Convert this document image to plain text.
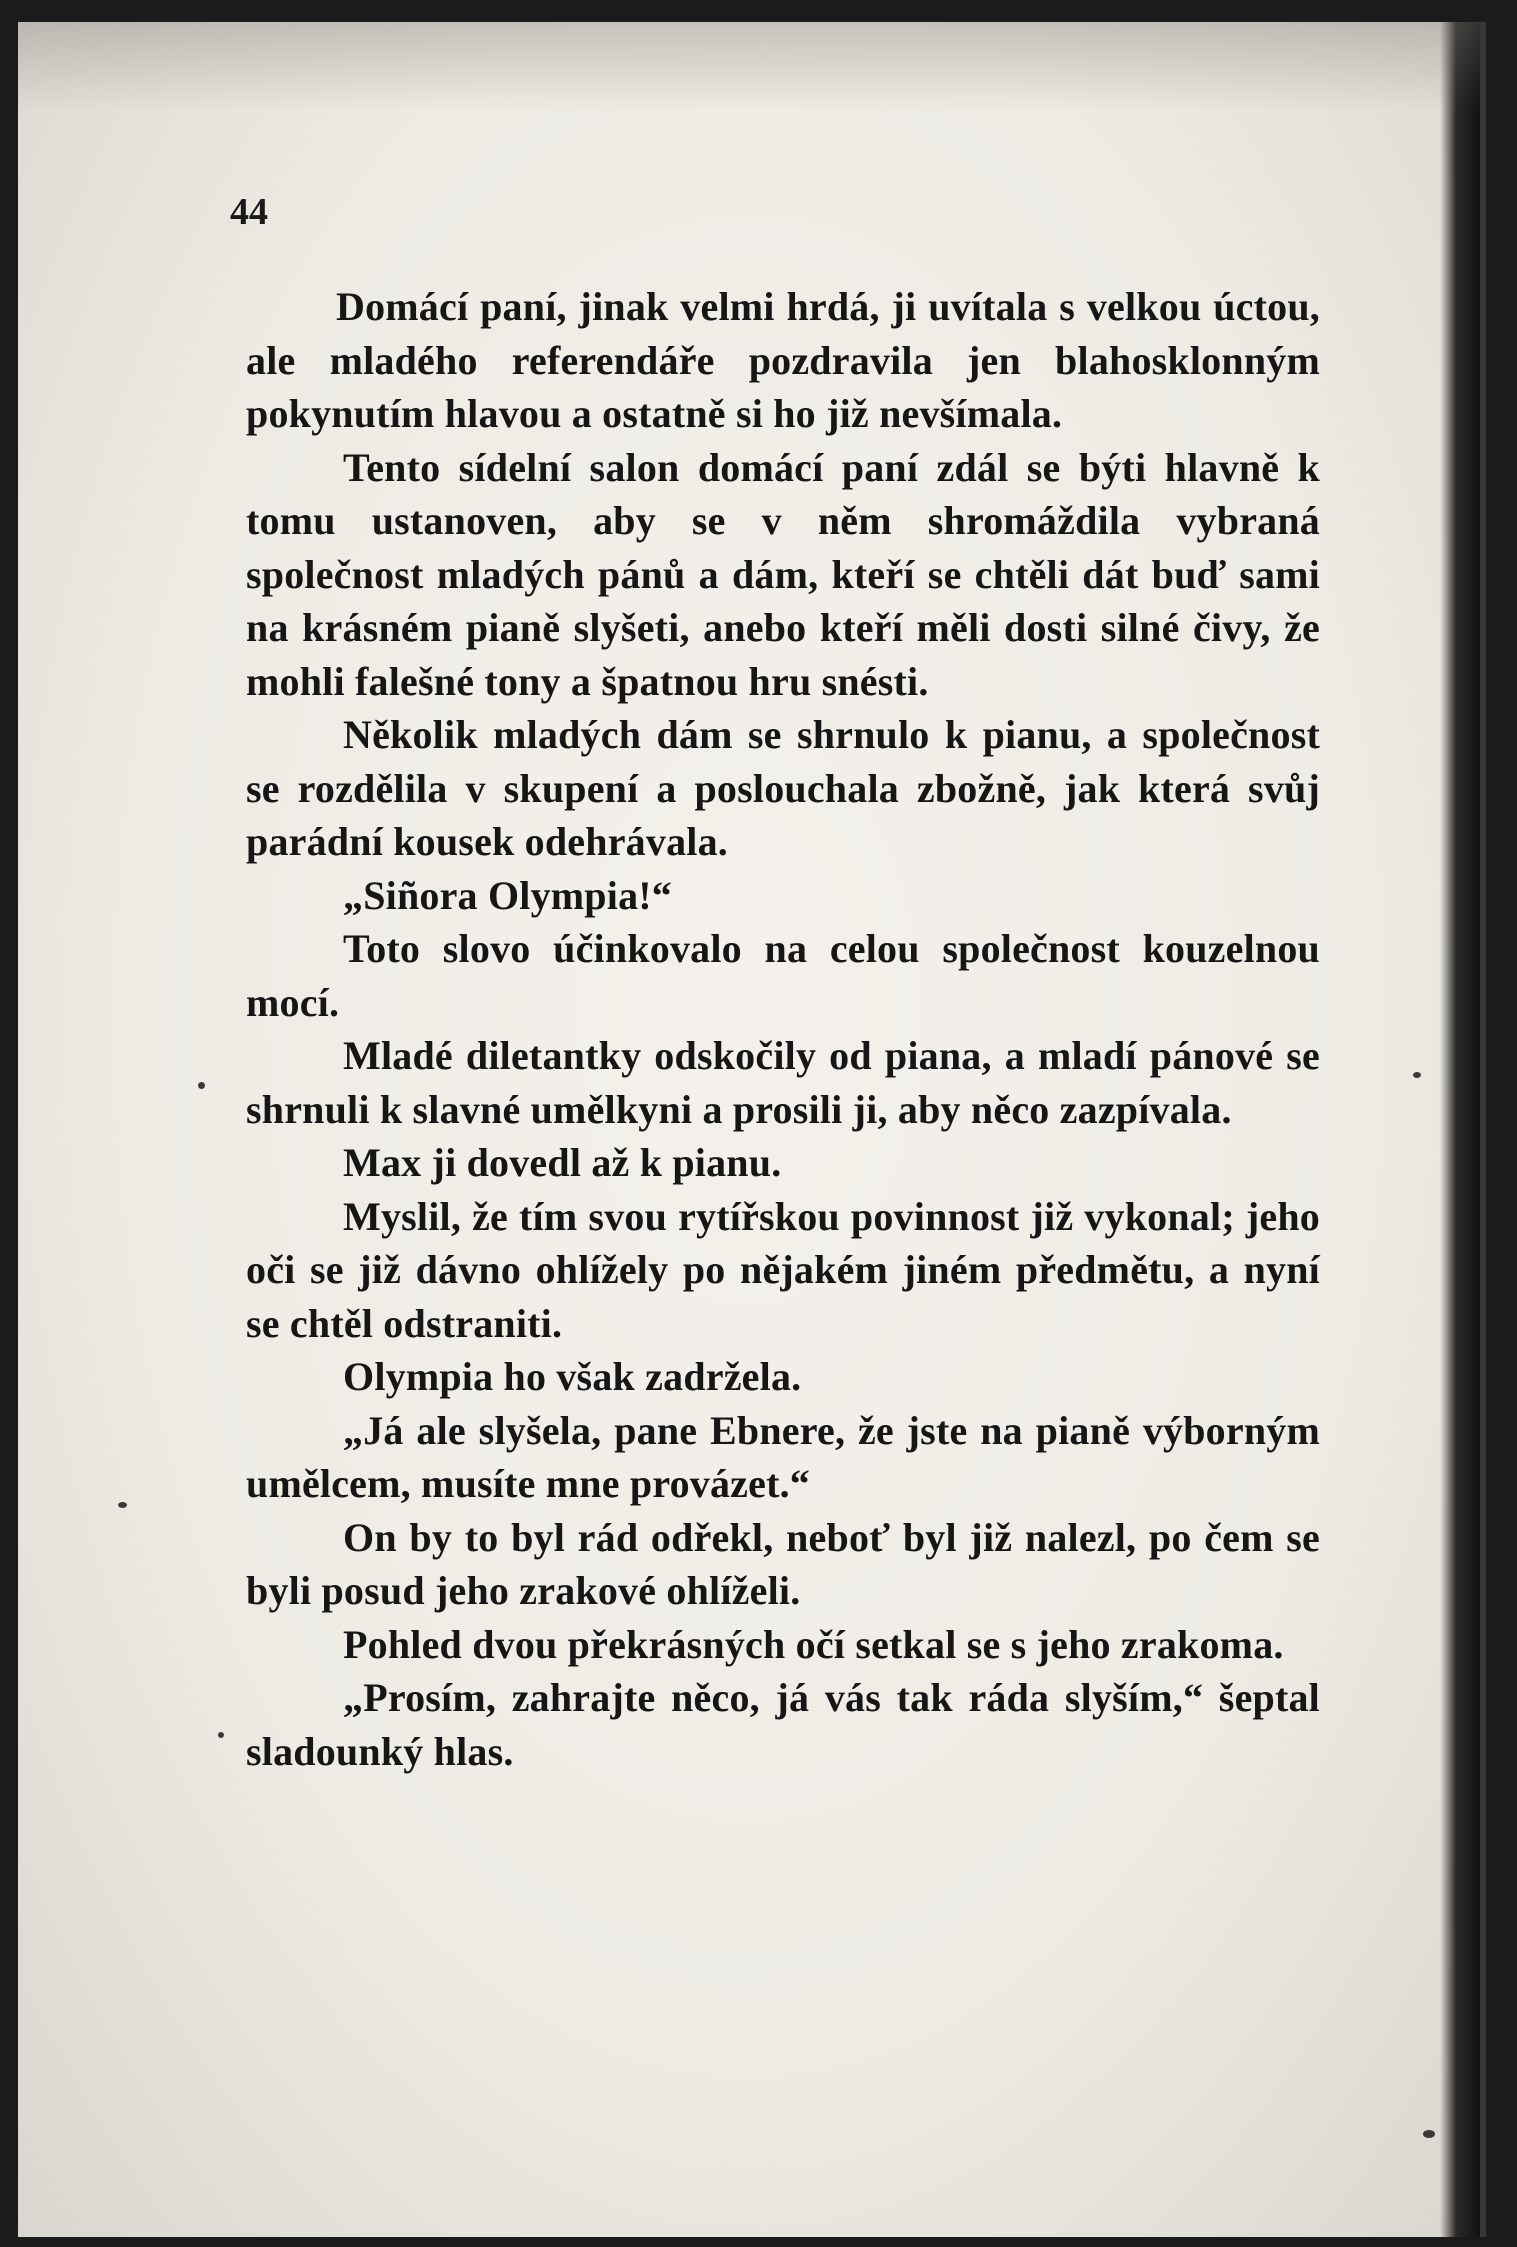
44

Domácí paní, jinak velmi hrdá, ji uvítala s velkou úctou, ale mladého referendáře pozdravila jen blahosklonným pokynutím hlavou a ostatně si ho již nevšímala.

Tento sídelní salon domácí paní zdál se býti hlavně k tomu ustanoven, aby se v něm shromáždila vybraná společnost mladých pánů a dám, kteří se chtěli dát buď sami na krásném pianě slyšeti, anebo kteří měli dosti silné čivy, že mohli falešné tony a špatnou hru snésti.

Několik mladých dám se shrnulo k pianu, a společnost se rozdělila v skupení a poslouchala zbožně, jak která svůj parádní kousek odehrávala.

„Siñora Olympia!“

Toto slovo účinkovalo na celou společnost kouzelnou mocí.

Mladé diletantky odskočily od piana, a mladí pánové se shrnuli k slavné umělkyni a prosili ji, aby něco zazpívala.

Max ji dovedl až k pianu.

Myslil, že tím svou rytířskou povinnost již vykonal; jeho oči se již dávno ohlížely po nějakém jiném předmětu, a nyní se chtěl odstraniti.

Olympia ho však zadržela.

„Já ale slyšela, pane Ebnere, že jste na pianě výborným umělcem, musíte mne provázet.“

On by to byl rád odřekl, neboť byl již nalezl, po čem se byli posud jeho zrakové ohlíželi.

Pohled dvou překrásných očí setkal se s jeho zrakoma.

„Prosím, zahrajte něco, já vás tak ráda slyším,“ šeptal sladounký hlas.
